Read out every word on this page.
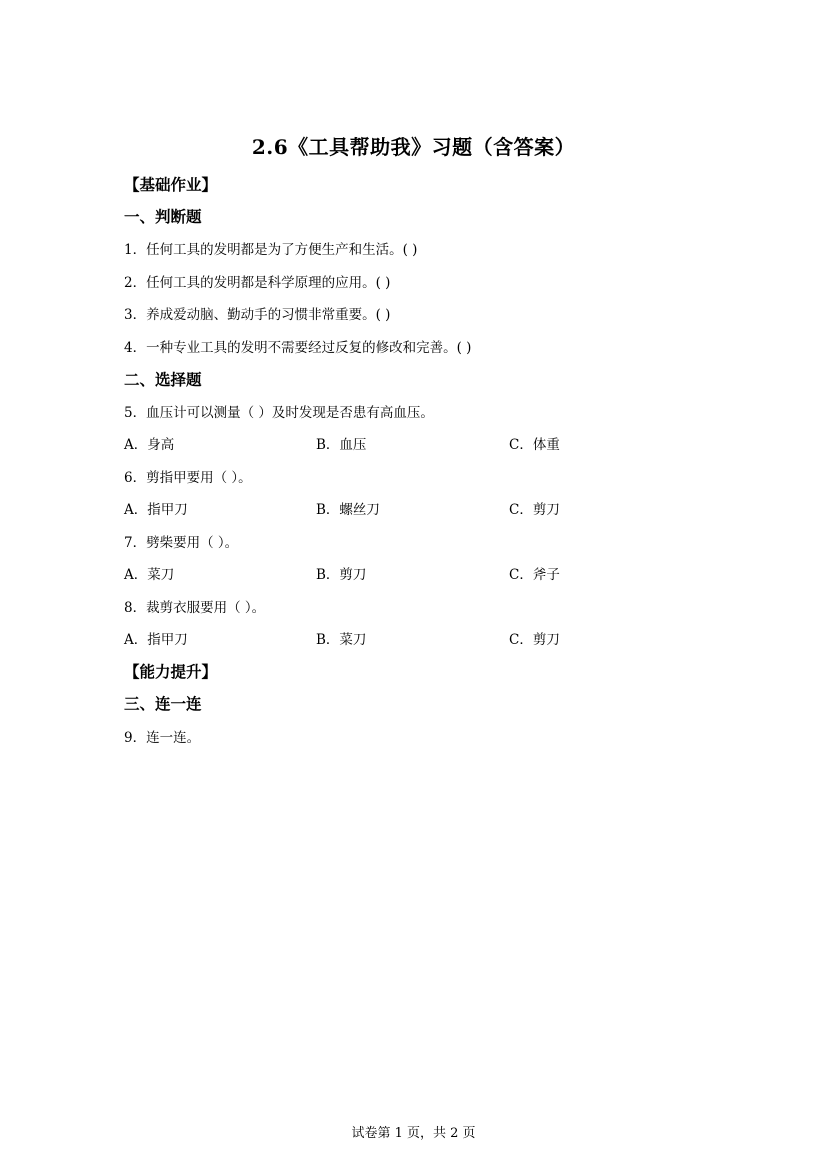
2.6《工具帮助我》习题（含答案）
【基础作业】
一、判断题
1．任何工具的发明都是为了方便生产和生活。( )
2．任何工具的发明都是科学原理的应用。( )
3．养成爱动脑、勤动手的习惯非常重要。( )
4．一种专业工具的发明不需要经过反复的修改和完善。( )
二、选择题
5．血压计可以测量（ ）及时发现是否患有高血压。
A．身高	B．血压	C．体重
6．剪指甲要用（ ）。
A．指甲刀	B．螺丝刀	C．剪刀
7．劈柴要用（ ）。
A．菜刀	B．剪刀	C．斧子
8．裁剪衣服要用（ ）。
A．指甲刀	B．菜刀	C．剪刀
【能力提升】
三、连一连
9．连一连。
试卷第 1 页，共 2 页
